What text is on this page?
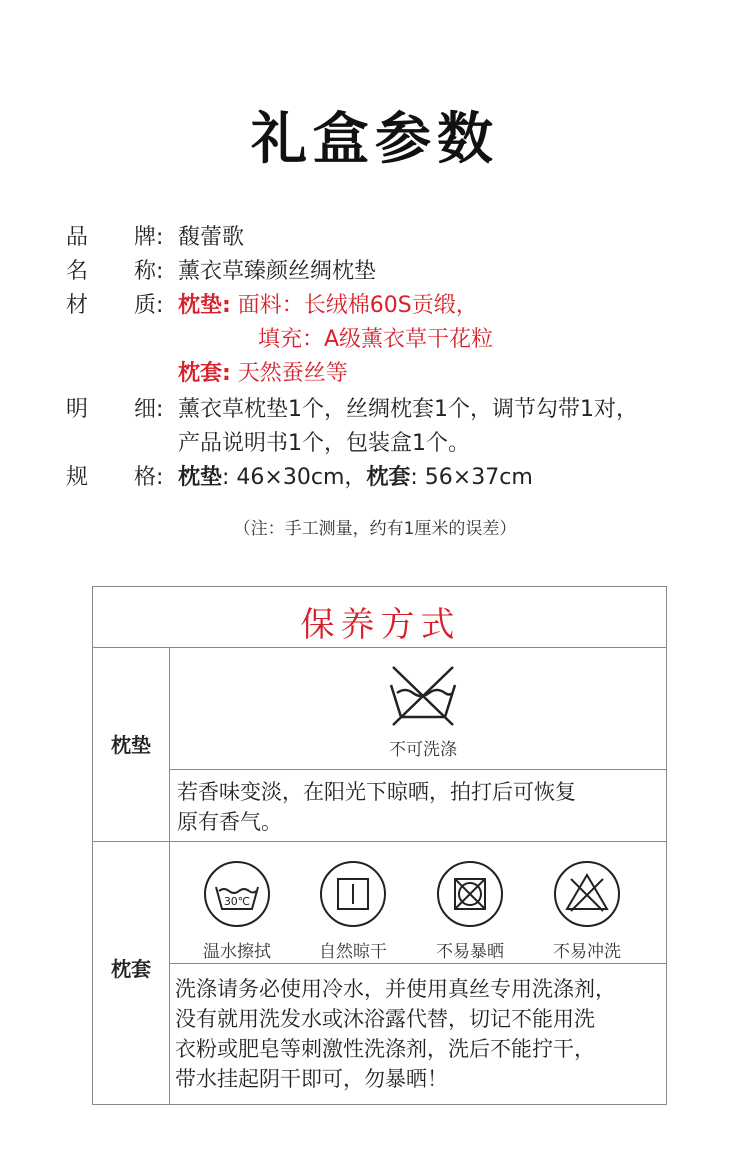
礼盒参数
品 牌: 馥蕾歌
名 称: 薰衣草臻颜丝绸枕垫
材 质: 枕垫: 面料：长绒棉60S贡缎，
填充：A级薰衣草干花粒
枕套: 天然蚕丝等
明 细: 薰衣草枕垫1个，丝绸枕套1个，调节勾带1对，
产品说明书1个，包装盒1个。
规 格: 枕垫: 46×30cm，枕套: 56×37cm
（注：手工测量，约有1厘米的误差）
保养方式
枕垫	不可洗涤
若香味变淡，在阳光下晾晒，拍打后可恢复
原有香气。
枕套
30℃
温水擦拭	自然晾干	不易暴晒	不易冲洗
洗涤请务必使用冷水，并使用真丝专用洗涤剂，
没有就用洗发水或沐浴露代替，切记不能用洗
衣粉或肥皂等刺激性洗涤剂，洗后不能拧干，
带水挂起阴干即可，勿暴晒！
